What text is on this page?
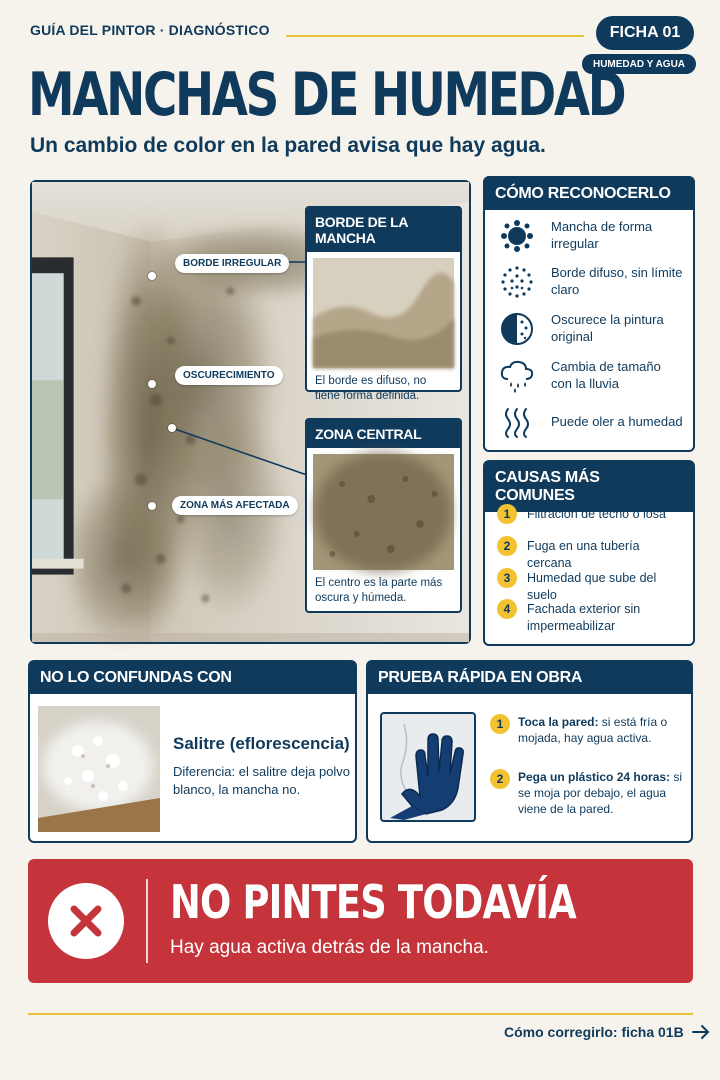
GUÍA DEL PINTOR · DIAGNÓSTICO	FICHA 01
HUMEDAD Y AGUA
MANCHAS DE HUMEDAD
Un cambio de color en la pared avisa que hay agua.
BORDE IRREGULAR
OSCURECIMIENTO
ZONA MÁS AFECTADA
BORDE DE LA MANCHA
El borde es difuso, no tiene forma definida.
ZONA CENTRAL
El centro es la parte más oscura y húmeda.
CÓMO RECONOCERLO
Mancha de forma irregular
Borde difuso, sin límite claro
Oscurece la pintura original
Cambia de tamaño con la lluvia
Puede oler a humedad
CAUSAS MÁS COMUNES
1	Filtración de techo o losa
2	Fuga en una tubería cercana
3	Humedad que sube del suelo
4	Fachada exterior sin impermeabilizar
NO LO CONFUNDAS CON
Salitre (eflorescencia)
Diferencia: el salitre deja polvo blanco, la mancha no.
PRUEBA RÁPIDA EN OBRA
1	Toca la pared: si está fría o mojada, hay agua activa.
2	Pega un plástico 24 horas: si se moja por debajo, el agua viene de la pared.
NO PINTES TODAVÍA
Hay agua activa detrás de la mancha.
Cómo corregirlo: ficha 01B
